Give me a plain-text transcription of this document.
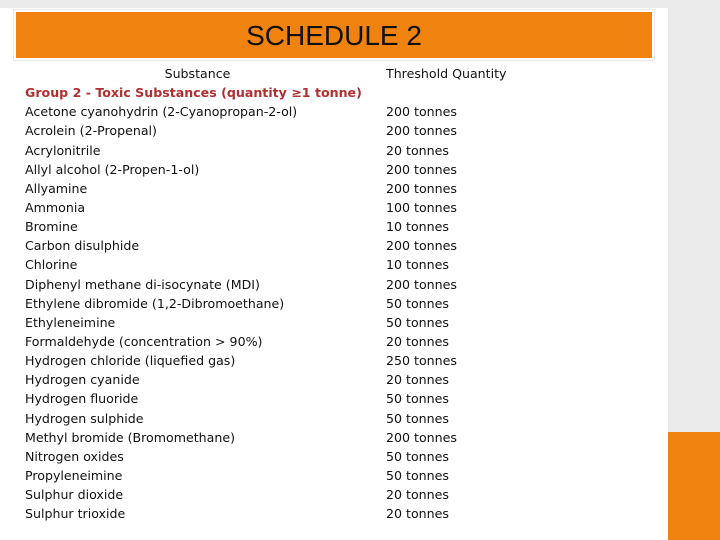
SCHEDULE 2
Substance
Group 2 - Toxic Substances (quantity ≥1 tonne)
Acetone cyanohydrin (2-Cyanopropan-2-ol)
Acrolein (2-Propenal)
Acrylonitrile
Allyl alcohol (2-Propen-1-ol)
Allyamine
Ammonia
Bromine
Carbon disulphide
Chlorine
Diphenyl methane di-isocynate (MDI)
Ethylene dibromide (1,2-Dibromoethane)
Ethyleneimine
Formaldehyde (concentration > 90%)
Hydrogen chloride (liquefied gas)
Hydrogen cyanide
Hydrogen fluoride
Hydrogen sulphide
Methyl bromide (Bromomethane)
Nitrogen oxides
Propyleneimine
Sulphur dioxide
Sulphur trioxide
Threshold Quantity
200 tonnes
200 tonnes
20 tonnes
200 tonnes
200 tonnes
100 tonnes
10 tonnes
200 tonnes
10 tonnes
200 tonnes
50 tonnes
50 tonnes
20 tonnes
250 tonnes
20 tonnes
50 tonnes
50 tonnes
200 tonnes
50 tonnes
50 tonnes
20 tonnes
20 tonnes
